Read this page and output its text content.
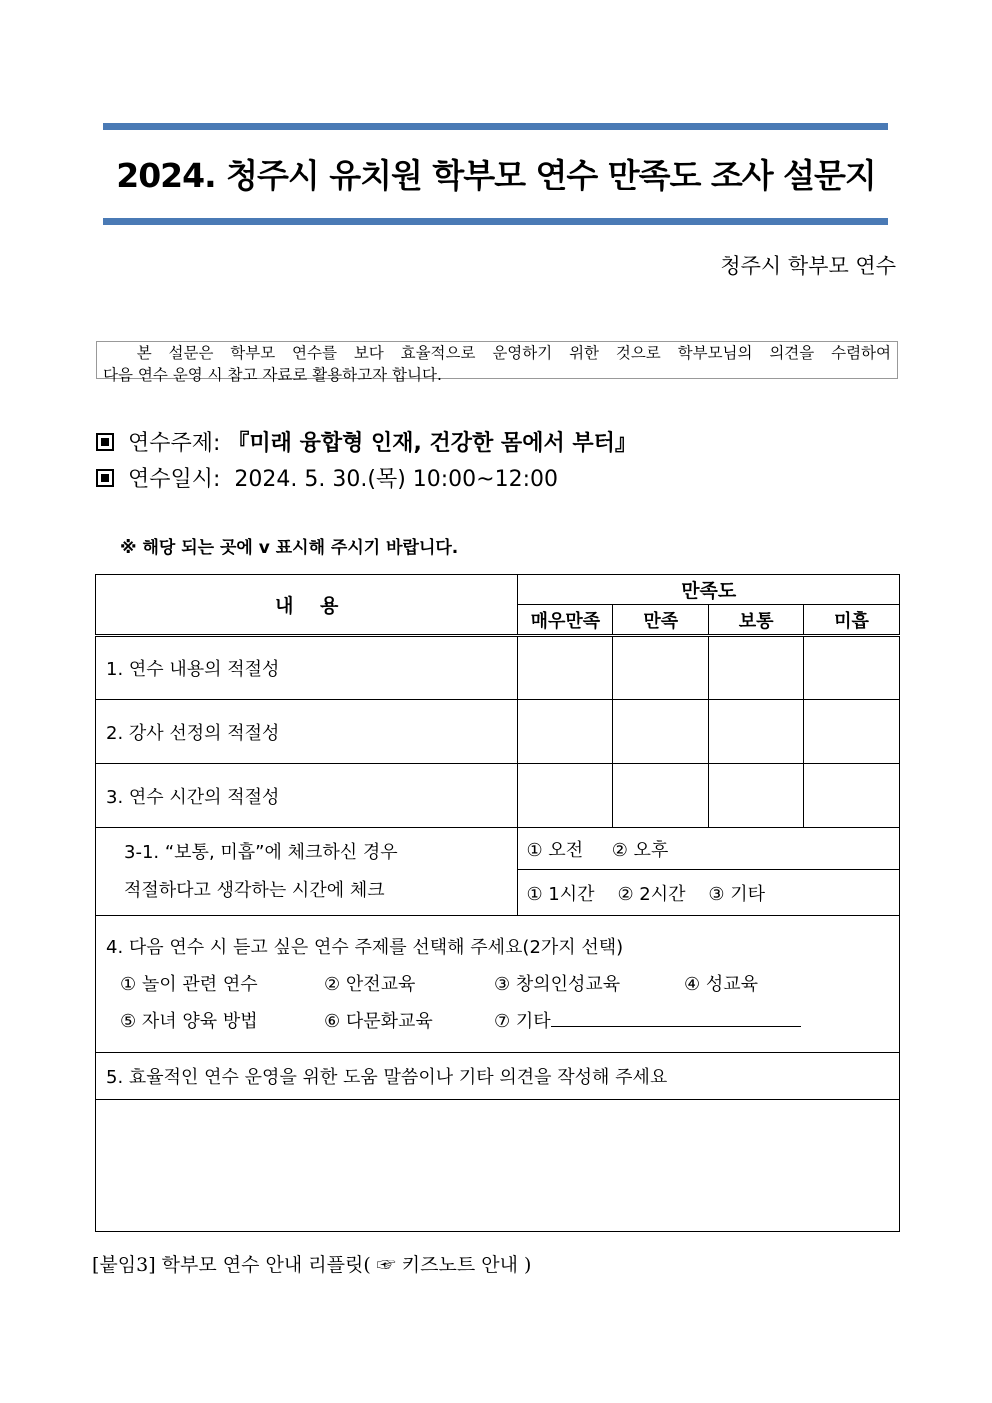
2024. 청주시 유치원 학부모 연수 만족도 조사 설문지
청주시 학부모 연수

본 설문은 학부모 연수를 보다 효율적으로 운영하기 위한 것으로 학부모님의 의견을 수렴하여

다음 연수 운영 시 참고 자료로 활용하고자 합니다.

연수주제: 『미래 융합형 인재, 건강한 몸에서 부터』
연수일시: 2024. 5. 30.(목) 10:00~12:00
※ 해당 되는 곳에 v 표시해 주시기 바랍니다.
내    용	만족도			
	매우만족	만족	보통	미흡
1. 연수 내용의 적절성				
2. 강사 선정의 적절성				
3. 연수 시간의 적절성				

3-1. “보통, 미흡”에 체크하신 경우
적절하다고 생각하는 시간에 체크	① 오전 ② 오후			
	① 1시간 ② 2시간 ③ 기타			

4. 다음 연수 시 듣고 싶은 연수 주제를 선택해 주세요(2가지 선택)
① 놀이 관련 연수 ② 안전교육 ③ 창의인성교육 ④ 성교육
⑤ 자녀 양육 방법 ⑥ 다문화교육 ⑦ 기타				

5. 효율적인 연수 운영을 위한 도움 말씀이나 기타 의견을 작성해 주세요				

[붙임3] 학부모 연수 안내 리플릿( ☞ 키즈노트 안내 )
